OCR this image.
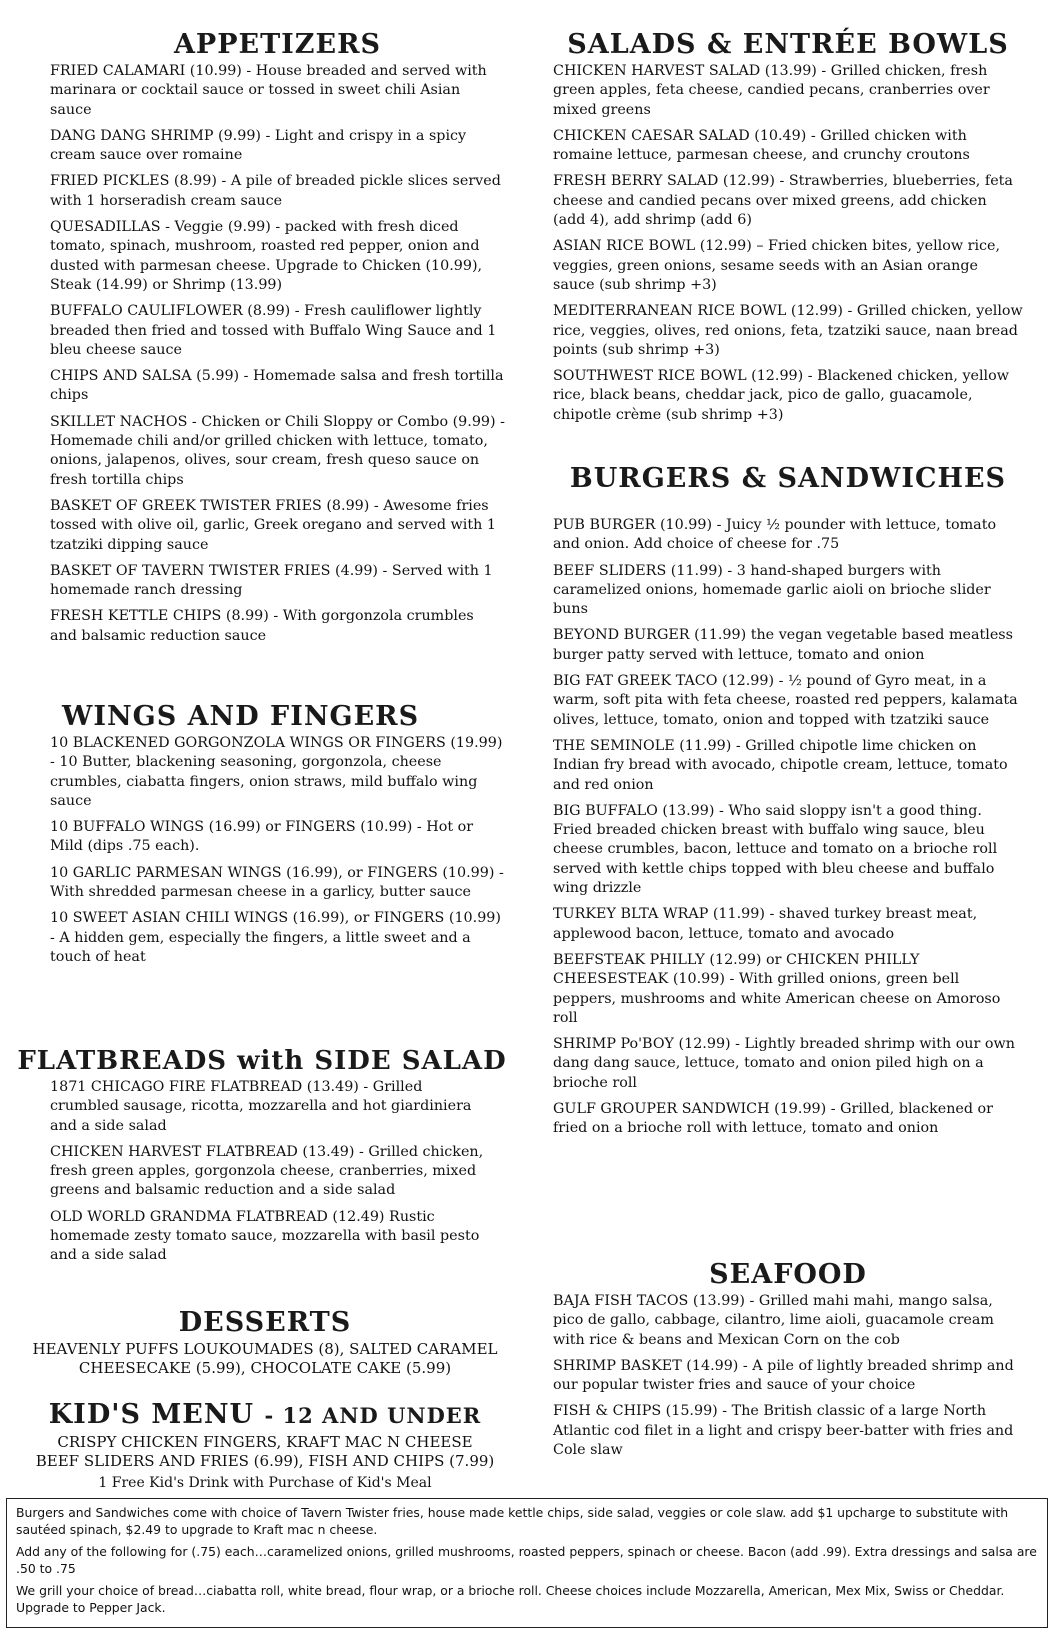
APPETIZERS
FRIED CALAMARI (10.99) - House breaded and served with marinara or cocktail sauce or tossed in sweet chili Asian sauce
DANG DANG SHRIMP (9.99) - Light and crispy in a spicy cream sauce over romaine
FRIED PICKLES (8.99) - A pile of breaded pickle slices served with 1 horseradish cream sauce
QUESADILLAS - Veggie (9.99) - packed with fresh diced tomato, spinach, mushroom, roasted red pepper, onion and dusted with parmesan cheese. Upgrade to Chicken (10.99), Steak (14.99) or Shrimp (13.99)
BUFFALO CAULIFLOWER (8.99) - Fresh cauliflower lightly breaded then fried and tossed with Buffalo Wing Sauce and 1 bleu cheese sauce
CHIPS AND SALSA (5.99) - Homemade salsa and fresh tortilla chips
SKILLET NACHOS - Chicken or Chili Sloppy or Combo (9.99) - Homemade chili and/or grilled chicken with lettuce, tomato, onions, jalapenos, olives, sour cream, fresh queso sauce on fresh tortilla chips
BASKET OF GREEK TWISTER FRIES (8.99) - Awesome fries tossed with olive oil, garlic, Greek oregano and served with 1 tzatziki dipping sauce
BASKET OF TAVERN TWISTER FRIES (4.99) - Served with 1 homemade ranch dressing
FRESH KETTLE CHIPS (8.99) - With gorgonzola crumbles and balsamic reduction sauce
WINGS AND FINGERS
10 BLACKENED GORGONZOLA WINGS OR FINGERS (19.99) - 10 Butter, blackening seasoning, gorgonzola, cheese crumbles, ciabatta fingers, onion straws, mild buffalo wing sauce
10 BUFFALO WINGS (16.99) or FINGERS (10.99) - Hot or Mild (dips .75 each).
10 GARLIC PARMESAN WINGS (16.99), or FINGERS (10.99) - With shredded parmesan cheese in a garlicy, butter sauce
10 SWEET ASIAN CHILI WINGS (16.99), or FINGERS (10.99) - A hidden gem, especially the fingers, a little sweet and a touch of heat
FLATBREADS with SIDE SALAD
1871 CHICAGO FIRE FLATBREAD (13.49) - Grilled crumbled sausage, ricotta, mozzarella and hot giardiniera and a side salad
CHICKEN HARVEST FLATBREAD (13.49) - Grilled chicken, fresh green apples, gorgonzola cheese, cranberries, mixed greens and balsamic reduction and a side salad
OLD WORLD GRANDMA FLATBREAD (12.49) Rustic homemade zesty tomato sauce, mozzarella with basil pesto and a side salad
DESSERTS
HEAVENLY PUFFS LOUKOUMADES (8), SALTED CARAMEL
CHEESECAKE (5.99), CHOCOLATE CAKE (5.99)
KID'S MENU - 12 AND UNDER
CRISPY CHICKEN FINGERS, KRAFT MAC N CHEESE
BEEF SLIDERS AND FRIES (6.99), FISH AND CHIPS (7.99)
1 Free Kid's Drink with Purchase of Kid's Meal
SALADS & ENTRÉE BOWLS
CHICKEN HARVEST SALAD (13.99) - Grilled chicken, fresh green apples, feta cheese, candied pecans, cranberries over mixed greens
CHICKEN CAESAR SALAD (10.49) - Grilled chicken with romaine lettuce, parmesan cheese, and crunchy croutons
FRESH BERRY SALAD (12.99) - Strawberries, blueberries, feta cheese and candied pecans over mixed greens, add chicken (add 4), add shrimp (add 6)
ASIAN RICE BOWL (12.99) – Fried chicken bites, yellow rice, veggies, green onions, sesame seeds with an Asian orange sauce (sub shrimp +3)
MEDITERRANEAN RICE BOWL (12.99) - Grilled chicken, yellow rice, veggies, olives, red onions, feta, tzatziki sauce, naan bread points (sub shrimp +3)
SOUTHWEST RICE BOWL (12.99) - Blackened chicken, yellow rice, black beans, cheddar jack, pico de gallo, guacamole, chipotle crème (sub shrimp +3)
BURGERS & SANDWICHES
PUB BURGER (10.99) - Juicy ½ pounder with lettuce, tomato and onion. Add choice of cheese for .75
BEEF SLIDERS (11.99) - 3 hand-shaped burgers with caramelized onions, homemade garlic aioli on brioche slider buns
BEYOND BURGER (11.99) the vegan vegetable based meatless burger patty served with lettuce, tomato and onion
BIG FAT GREEK TACO (12.99) - ½ pound of Gyro meat, in a warm, soft pita with feta cheese, roasted red peppers, kalamata olives, lettuce, tomato, onion and topped with tzatziki sauce
THE SEMINOLE (11.99) - Grilled chipotle lime chicken on Indian fry bread with avocado, chipotle cream, lettuce, tomato and red onion
BIG BUFFALO (13.99) - Who said sloppy isn't a good thing. Fried breaded chicken breast with buffalo wing sauce, bleu cheese crumbles, bacon, lettuce and tomato on a brioche roll served with kettle chips topped with bleu cheese and buffalo wing drizzle
TURKEY BLTA WRAP (11.99) - shaved turkey breast meat, applewood bacon, lettuce, tomato and avocado
BEEFSTEAK PHILLY (12.99) or CHICKEN PHILLY CHEESESTEAK (10.99) - With grilled onions, green bell peppers, mushrooms and white American cheese on Amoroso roll
SHRIMP Po'BOY (12.99) - Lightly breaded shrimp with our own dang dang sauce, lettuce, tomato and onion piled high on a brioche roll
GULF GROUPER SANDWICH (19.99) - Grilled, blackened or fried on a brioche roll with lettuce, tomato and onion
SEAFOOD
BAJA FISH TACOS (13.99) - Grilled mahi mahi, mango salsa, pico de gallo, cabbage, cilantro, lime aioli, guacamole cream with rice & beans and Mexican Corn on the cob
SHRIMP BASKET (14.99) - A pile of lightly breaded shrimp and our popular twister fries and sauce of your choice
FISH & CHIPS (15.99) - The British classic of a large North Atlantic cod filet in a light and crispy beer-batter with fries and Cole slaw

Burgers and Sandwiches come with choice of Tavern Twister fries, house made kettle chips, side salad, veggies or cole slaw. add $1 upcharge to substitute with sautéed spinach, $2.49 to upgrade to Kraft mac n cheese.

Add any of the following for (.75) each…caramelized onions, grilled mushrooms, roasted peppers, spinach or cheese. Bacon (add .99). Extra dressings and salsa are .50 to .75

We grill your choice of bread…ciabatta roll, white bread, flour wrap, or a brioche roll. Cheese choices include Mozzarella, American, Mex Mix, Swiss or Cheddar. Upgrade to Pepper Jack.
